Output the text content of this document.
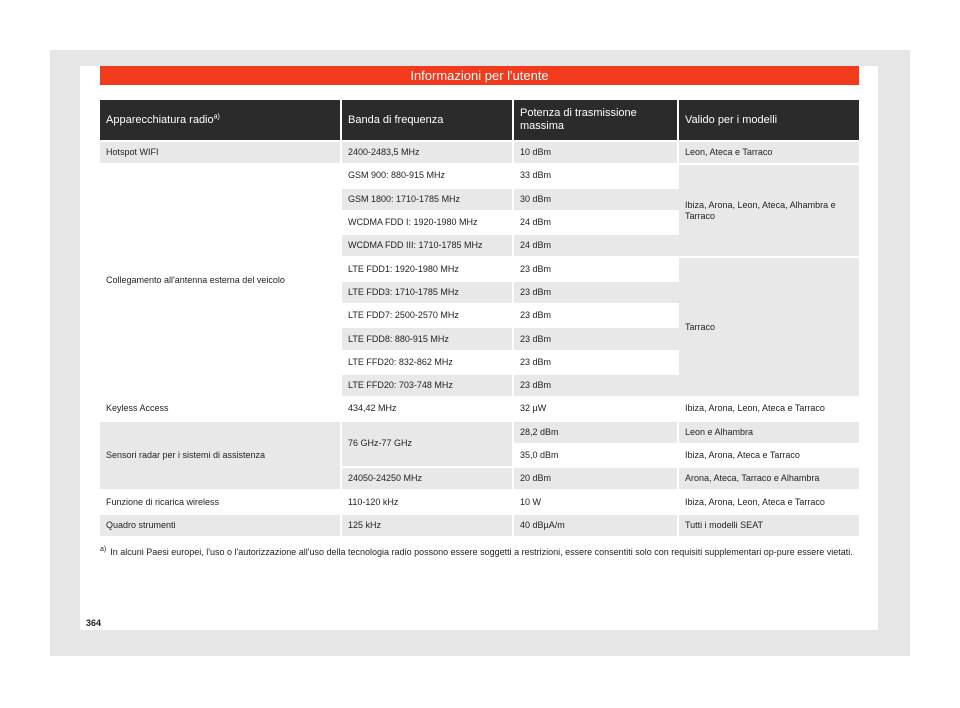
Informazioni per l'utente
Apparecchiatura radio$^{a)}$	Banda di frequenza	Potenza di trasmissione massima	Valido per i modelli
Hotspot WIFI	2400-2483,5 MHz	10 dBm	Leon, Ateca e Tarraco
Collegamento all'antenna esterna del veicolo	GSM 900: 880-915 MHz	33 dBm	Ibiza, Arona, Leon, Ateca, Alhambra e Tarraco
	GSM 1800: 1710-1785 MHz	30 dBm	
	WCDMA FDD I: 1920-1980 MHz	24 dBm	
	WCDMA FDD III: 1710-1785 MHz	24 dBm	
	LTE FDD1: 1920-1980 MHz	23 dBm	Tarraco
	LTE FDD3: 1710-1785 MHz	23 dBm	
	LTE FDD7: 2500-2570 MHz	23 dBm	
	LTE FDD8: 880-915 MHz	23 dBm	
	LTE FFD20: 832-862 MHz	23 dBm	
	LTE FFD20: 703-748 MHz	23 dBm	
Keyless Access	434,42 MHz	32 µW	Ibiza, Arona, Leon, Ateca e Tarraco
Sensori radar per i sistemi di assistenza	76 GHz-77 GHz	28,2 dBm	Leon e Alhambra
		35,0 dBm	Ibiza, Arona, Ateca e Tarraco
	24050-24250 MHz	20 dBm	Arona, Ateca, Tarraco e Alhambra
Funzione di ricarica wireless	110-120 kHz	10 W	Ibiza, Arona, Leon, Ateca e Tarraco
Quadro strumenti	125 kHz	40 dBµA/m	Tutti i modelli SEAT
$^{a)}$ In alcuni Paesi europei, l'uso o l'autorizzazione all'uso della tecnologia radio possono essere soggetti a restrizioni, essere consentiti solo con requisiti supplementari op-pure essere vietati.
364
